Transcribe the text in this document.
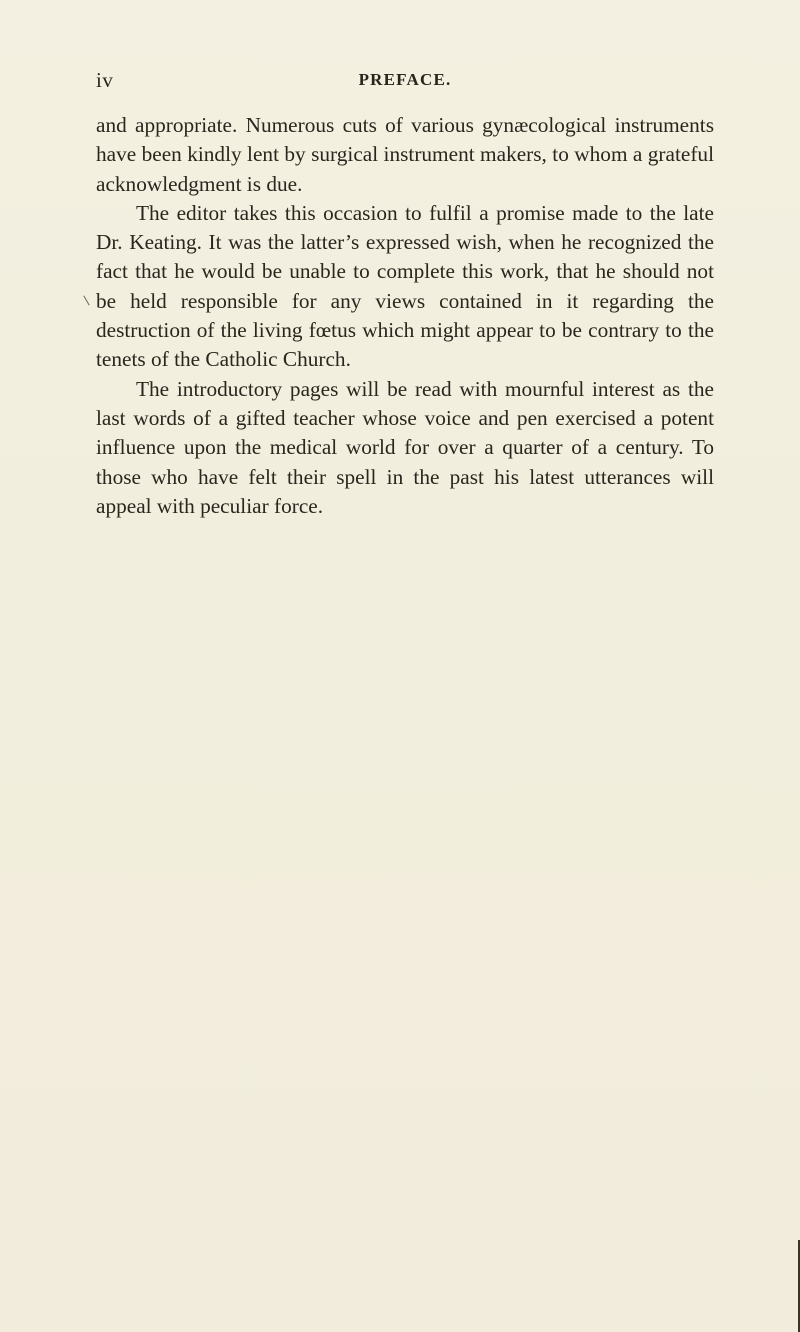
iv	PREFACE.

and appropriate. Numerous cuts of various gynæcological instruments have been kindly lent by surgical instrument makers, to whom a grateful acknowledgment is due.

The editor takes this occasion to fulfil a promise made to the late Dr. Keating. It was the latter’s expressed wish, when he recognized the fact that he would be unable to complete this work, that he should not be held responsible for any views contained in it regarding the destruction of the living fœtus which might appear to be contrary to the tenets of the Catholic Church.

The introductory pages will be read with mournful interest as the last words of a gifted teacher whose voice and pen exercised a potent influence upon the medical world for over a quarter of a century. To those who have felt their spell in the past his latest utterances will appeal with peculiar force.
